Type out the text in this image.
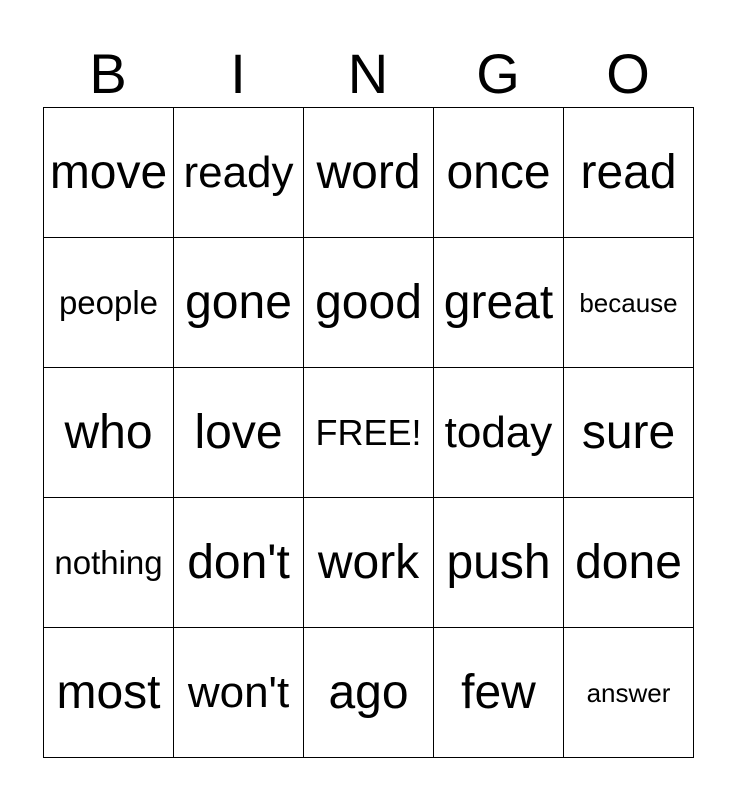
B	I	N	G	O
move	ready	word	once	read
people	gone	good	great	because
who	love	FREE!	today	sure
nothing	don't	work	push	done
most	won't	ago	few	answer
